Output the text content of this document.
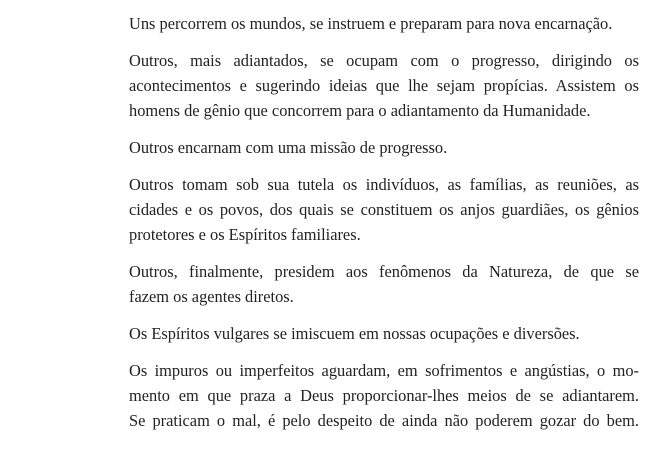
Uns percorrem os mundos, se instruem e preparam para nova encarnação.

Outros, mais adiantados, se ocupam com o progresso, dirigindo os
acontecimentos e sugerindo ideias que lhe sejam propícias. Assistem os
homens de gênio que concorrem para o adiantamento da Humanidade.

Outros encarnam com uma missão de progresso.

Outros tomam sob sua tutela os indivíduos, as famílias, as reuniões, as
cidades e os povos, dos quais se constituem os anjos guardiães, os gênios
protetores e os Espíritos familiares.

Outros, finalmente, presidem aos fenômenos da Natureza, de que se
fazem os agentes diretos.

Os Espíritos vulgares se imiscuem em nossas ocupações e diversões.

Os impuros ou imperfeitos aguardam, em sofrimentos e angústias, o mo-
mento em que praza a Deus proporcionar-lhes meios de se adiantarem.
Se praticam o mal, é pelo despeito de ainda não poderem gozar do bem.
